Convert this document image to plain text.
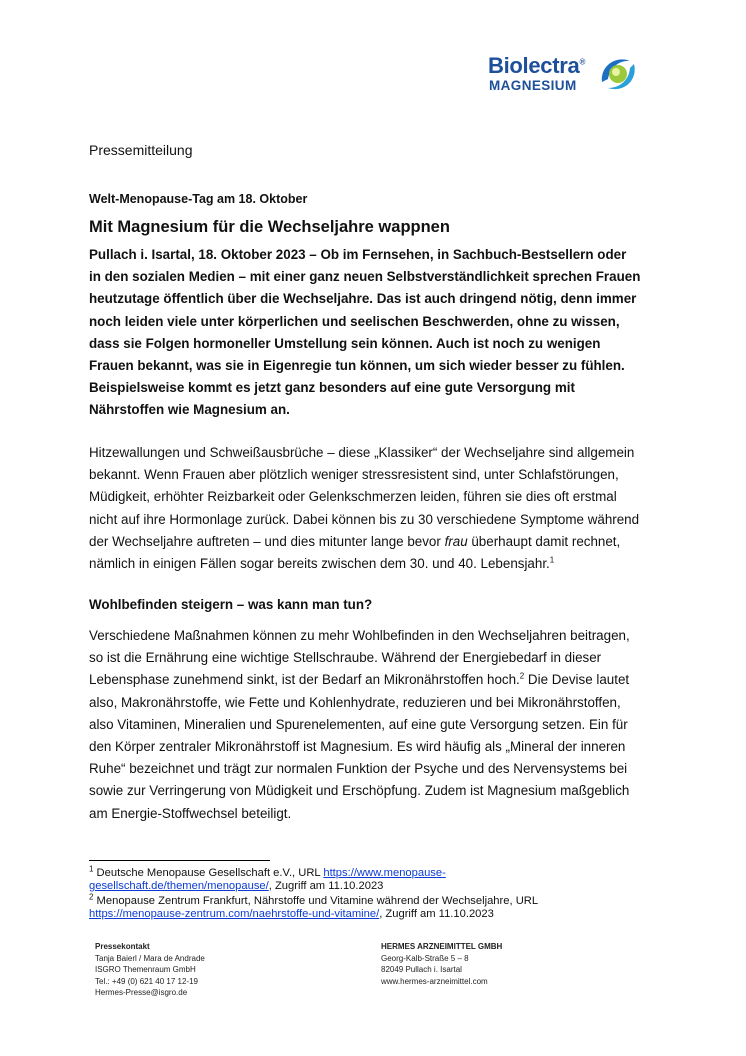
Biolectra®
MAGNESIUM
Pressemitteilung
Welt-Menopause-Tag am 18. Oktober
Mit Magnesium für die Wechseljahre wappnen
Pullach i. Isartal, 18. Oktober 2023 – Ob im Fernsehen, in Sachbuch-Bestsellern oder
in den sozialen Medien – mit einer ganz neuen Selbstverständlichkeit sprechen Frauen
heutzutage öffentlich über die Wechseljahre. Das ist auch dringend nötig, denn immer
noch leiden viele unter körperlichen und seelischen Beschwerden, ohne zu wissen,
dass sie Folgen hormoneller Umstellung sein können. Auch ist noch zu wenigen
Frauen bekannt, was sie in Eigenregie tun können, um sich wieder besser zu fühlen.
Beispielsweise kommt es jetzt ganz besonders auf eine gute Versorgung mit
Nährstoffen wie Magnesium an.
Hitzewallungen und Schweißausbrüche – diese „Klassiker“ der Wechseljahre sind allgemein
bekannt. Wenn Frauen aber plötzlich weniger stressresistent sind, unter Schlafstörungen,
Müdigkeit, erhöhter Reizbarkeit oder Gelenkschmerzen leiden, führen sie dies oft erstmal
nicht auf ihre Hormonlage zurück. Dabei können bis zu 30 verschiedene Symptome während
der Wechseljahre auftreten – und dies mitunter lange bevor frau überhaupt damit rechnet,
nämlich in einigen Fällen sogar bereits zwischen dem 30. und 40. Lebensjahr.$^1$
Wohlbefinden steigern – was kann man tun?
Verschiedene Maßnahmen können zu mehr Wohlbefinden in den Wechseljahren beitragen,
so ist die Ernährung eine wichtige Stellschraube. Während der Energiebedarf in dieser
Lebensphase zunehmend sinkt, ist der Bedarf an Mikronährstoffen hoch.$^2$ Die Devise lautet
also, Makronährstoffe, wie Fette und Kohlenhydrate, reduzieren und bei Mikronährstoffen,
also Vitaminen, Mineralien und Spurenelementen, auf eine gute Versorgung setzen. Ein für
den Körper zentraler Mikronährstoff ist Magnesium. Es wird häufig als „Mineral der inneren
Ruhe“ bezeichnet und trägt zur normalen Funktion der Psyche und des Nervensystems bei
sowie zur Verringerung von Müdigkeit und Erschöpfung. Zudem ist Magnesium maßgeblich
am Energie-Stoffwechsel beteiligt.
$^1$ Deutsche Menopause Gesellschaft e.V., URL https://www.menopause-
gesellschaft.de/themen/menopause/, Zugriff am 11.10.2023
$^2$ Menopause Zentrum Frankfurt, Nährstoffe und Vitamine während der Wechseljahre, URL
https://menopause-zentrum.com/naehrstoffe-und-vitamine/, Zugriff am 11.10.2023
Pressekontakt
Tanja Baierl / Mara de Andrade
ISGRO Themenraum GmbH
Tel.: +49 (0) 621 40 17 12-19
Hermes-Presse@isgro.de
HERMES ARZNEIMITTEL GMBH
Georg-Kalb-Straße 5 – 8
82049 Pullach i. Isartal
www.hermes-arzneimittel.com
